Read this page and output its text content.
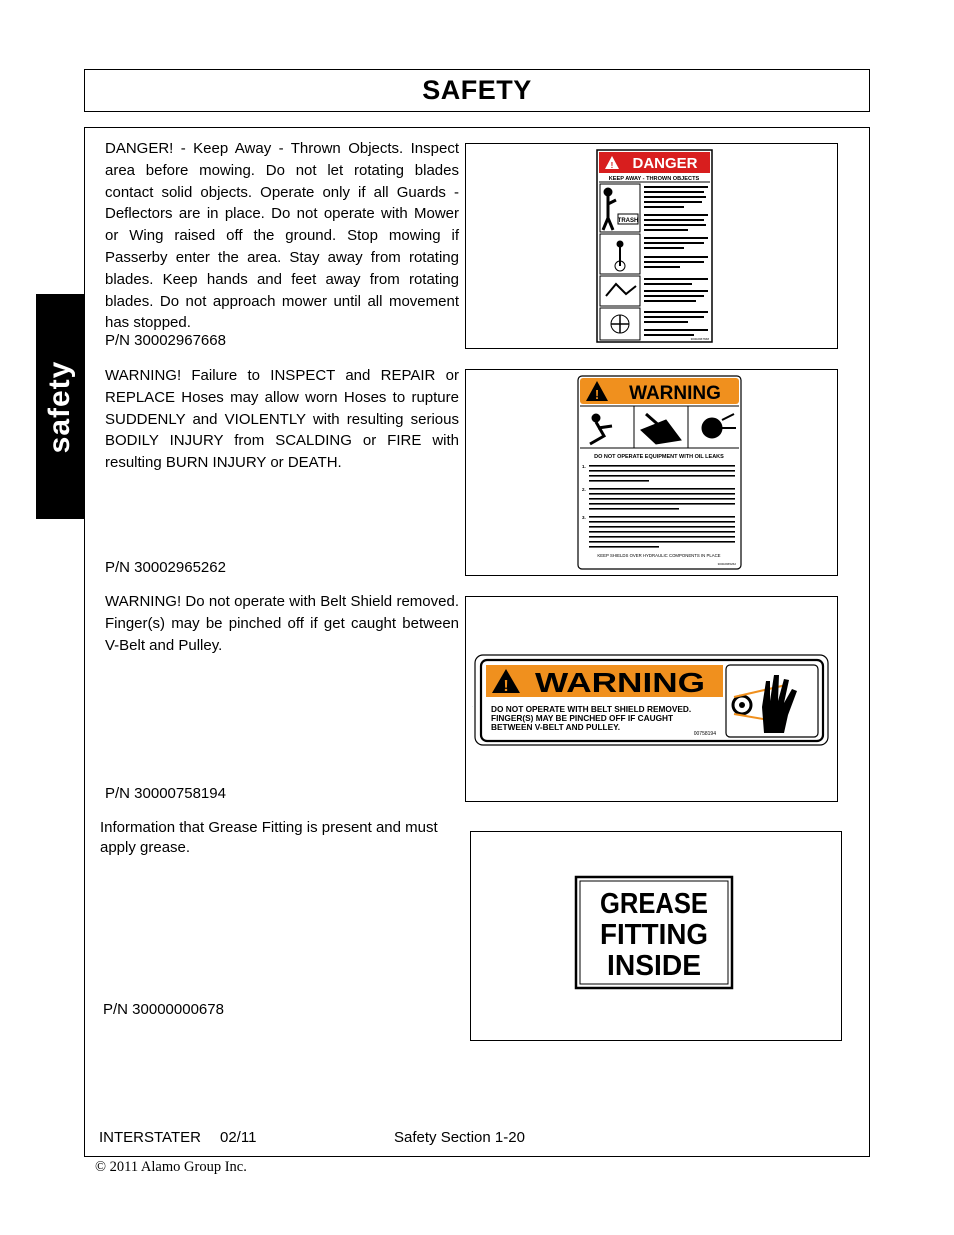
SAFETY
safety
DANGER! - Keep Away - Thrown Objects. Inspect area before mowing. Do not let rotating blades contact solid objects. Operate only if all Guards - Deflectors are in place. Do not operate with Mower or Wing raised off the ground. Stop mowing if Passerby enter the area. Stay away from rotating blades. Keep hands and feet away from rotating blades. Do not approach mower until all movement has stopped.
P/N 30002967668
! DANGER
KEEP AWAY - THROWN OBJECTS
TRASH
30002967668
WARNING! Failure to INSPECT and REPAIR or REPLACE Hoses may allow worn Hoses to rupture SUDDENLY and VIOLENTLY with resulting serious BODILY INJURY from SCALDING or FIRE with resulting BURN INJURY or DEATH.
P/N 30002965262
! WARNING
DO NOT OPERATE EQUIPMENT WITH OIL LEAKS
1.
2.
3.
KEEP SHIELDS OVER HYDRAULIC COMPONENTS IN PLACE
30002965262
WARNING! Do not operate with Belt Shield removed. Finger(s) may be pinched off if get caught between V-Belt and Pulley.
P/N 30000758194
! WARNING
DO NOT OPERATE WITH BELT SHIELD REMOVED.
FINGER(S) MAY BE PINCHED OFF IF CAUGHT
BETWEEN V-BELT AND PULLEY.
00758194
.
Information that Grease Fitting is present and must apply grease.
P/N 30000000678
GREASE
FITTING
INSIDE
INTERSTATER 02/11	Safety Section 1-20
© 2011 Alamo Group Inc.
